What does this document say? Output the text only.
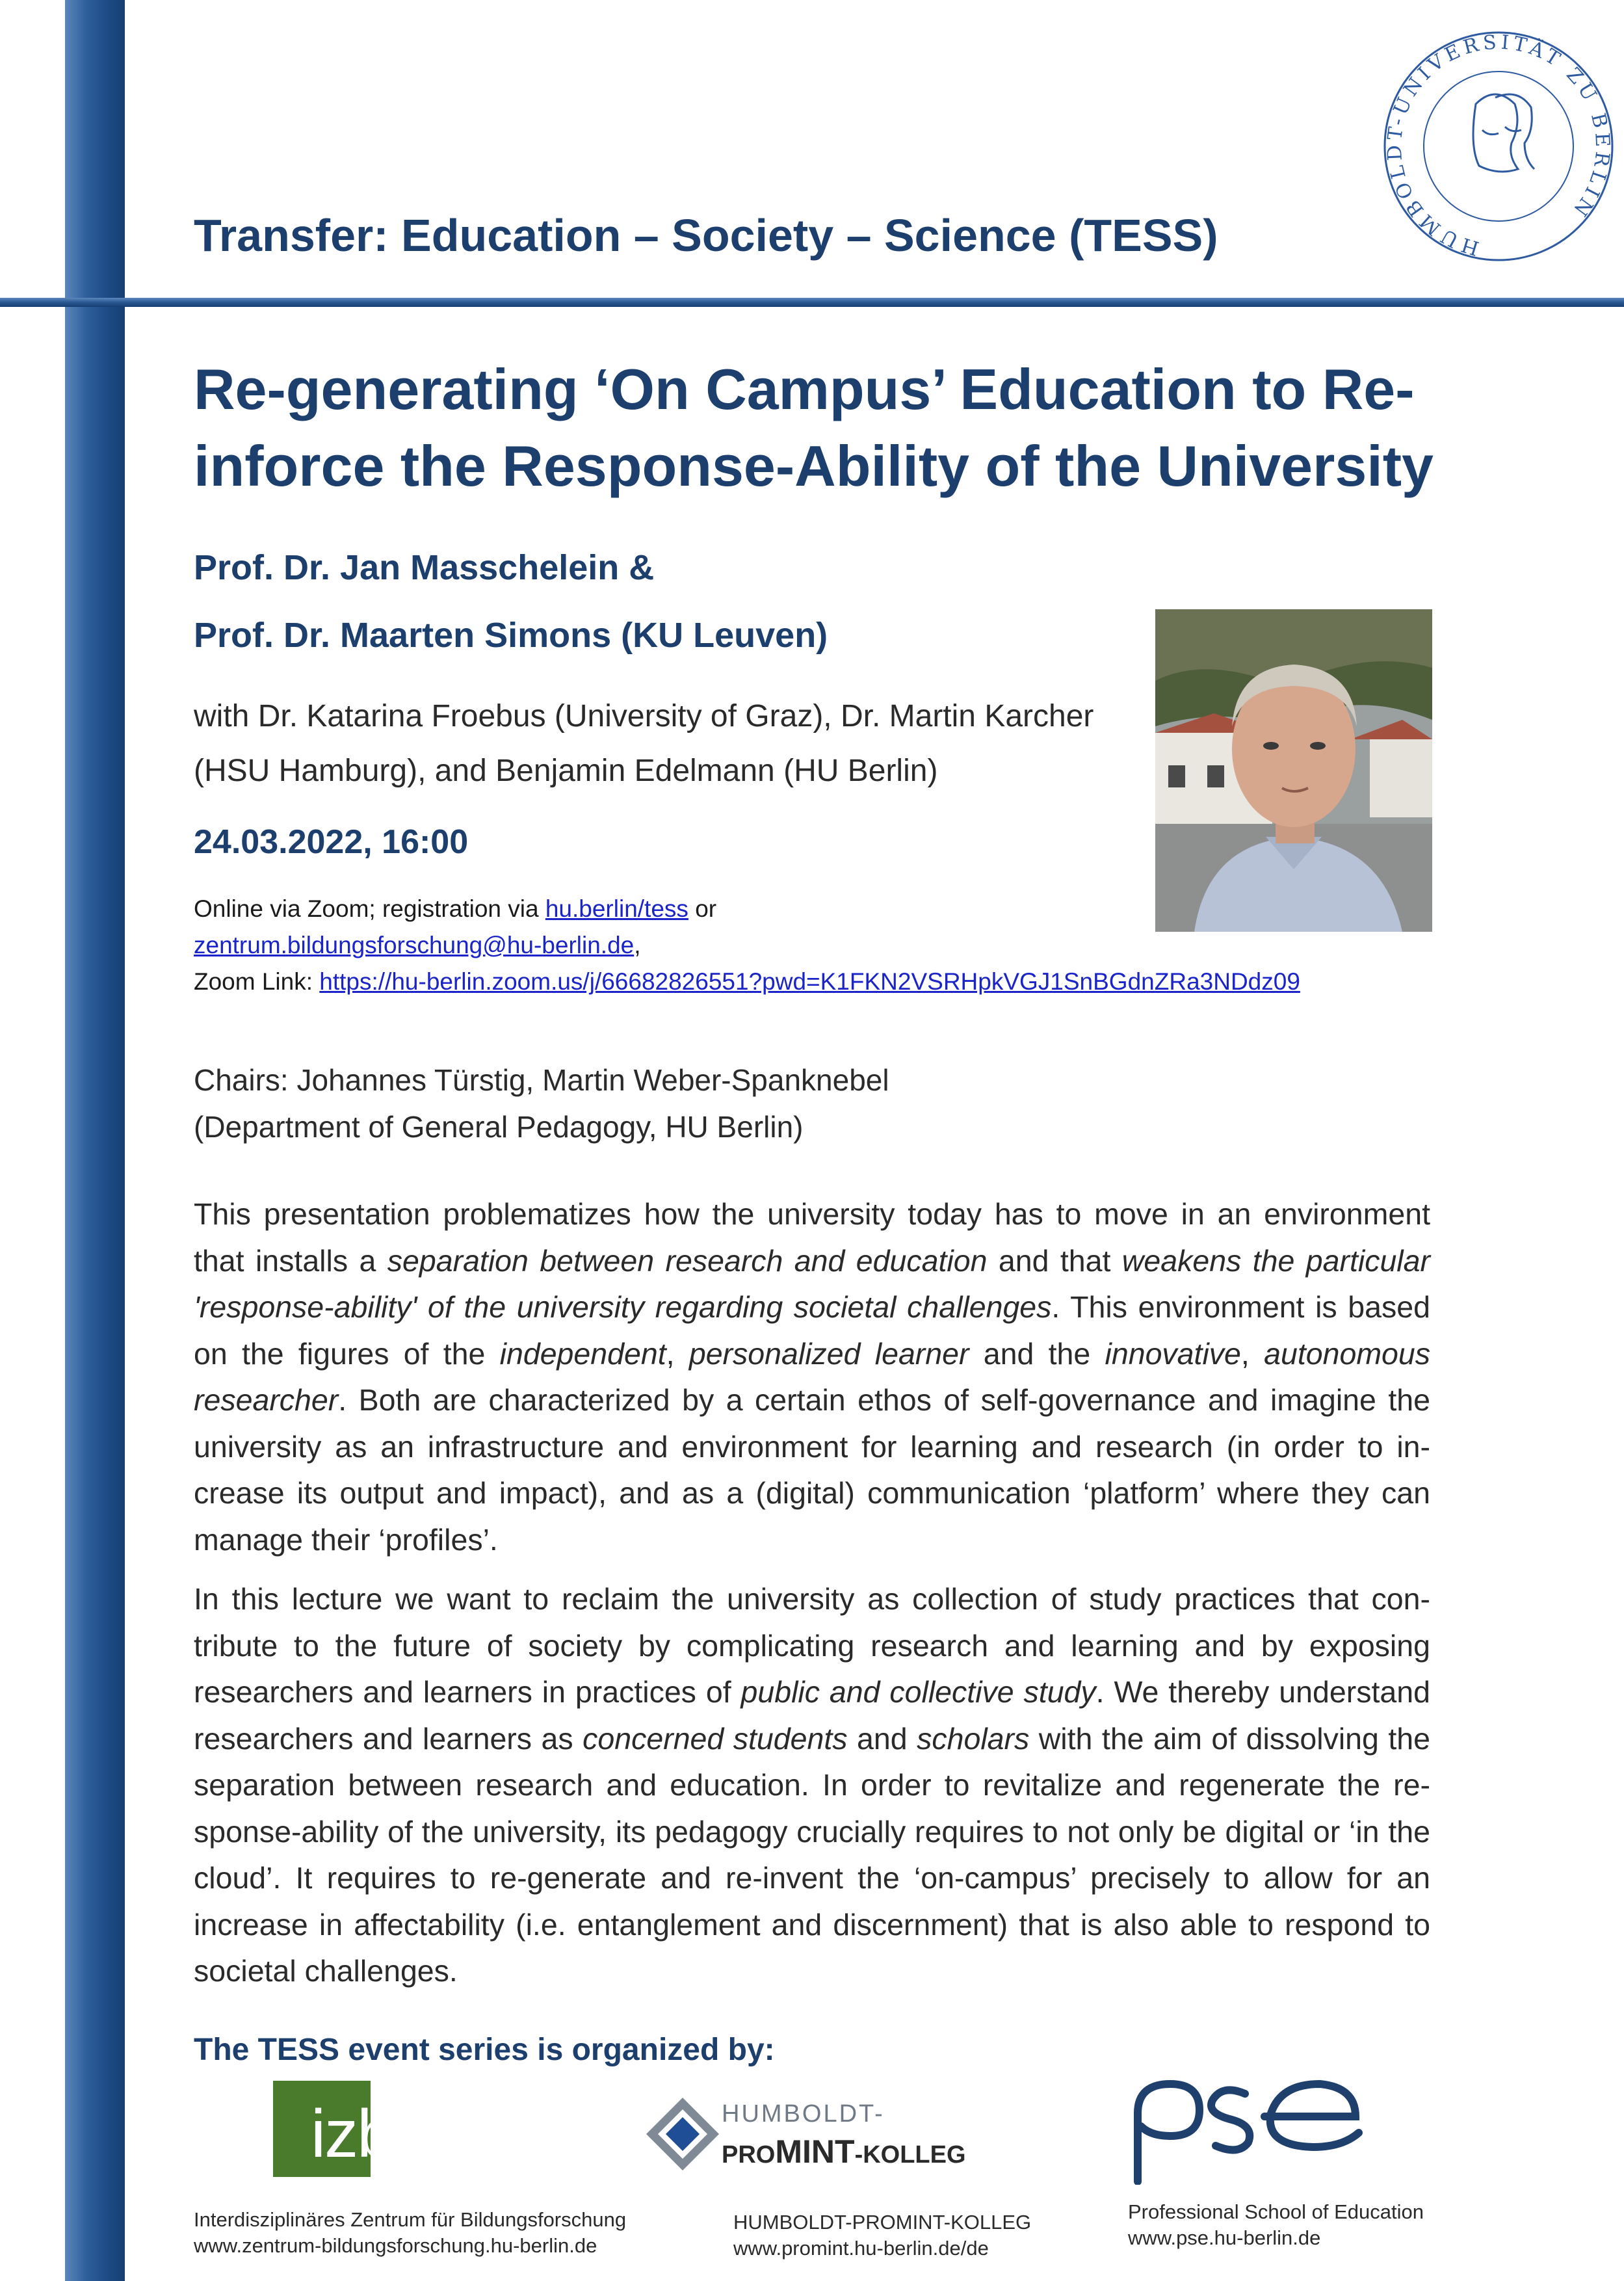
Transfer: Education – Society – Science (TESS)	HUMBOLDT-UNIVERSITÄT ZU BERLIN
Re-generating ‘On Campus’ Education to Re-inforce the Response-Ability of the University

Prof. Dr. Jan Masschelein &

Prof. Dr. Maarten Simons (KU Leuven)

with Dr. Katarina Froebus (University of Graz), Dr. Martin Karcher (HSU Hamburg), and Benjamin Edelmann (HU Berlin)

24.03.2022, 16:00

Online via Zoom; registration via hu.berlin/tess or
zentrum.bildungsforschung@hu-berlin.de,
Zoom Link: https://hu-berlin.zoom.us/j/66682826551?pwd=K1FKN2VSRHpkVGJ1SnBGdnZRa3NDdz09
Chairs: Johannes Türstig, Martin Weber-Spanknebel
(Department of General Pedagogy, HU Berlin)

This presentation problematizes how the university today has to move in an environment that installs a separation between research and education and that weakens the particular 'response-ability' of the university regarding societal challenges. This environment is based on the figures of the independent, personalized learner and the innovative, autonomous researcher. Both are characterized by a certain ethos of self-governance and imagine the university as an infrastructure and environment for learning and research (in order to in-crease its output and impact), and as a (digital) communication ‘platform’ where they can manage their ‘profiles’.

In this lecture we want to reclaim the university as collection of study practices that con-tribute to the future of society by complicating research and learning and by exposing researchers and learners in practices of public and collective study. We thereby understand researchers and learners as concerned students and scholars with the aim of dissolving the separation between research and education. In order to revitalize and regenerate the re-sponse-ability of the university, its pedagogy crucially requires to not only be digital or ‘in the cloud’. It requires to re-generate and re-invent the ‘on-campus’ precisely to allow for an increase in affectability (i.e. entanglement and discernment) that is also able to respond to societal challenges.

The TESS event series is organized by:
izbf
Interdisziplinäres Zentrum für Bildungsforschung
www.zentrum-bildungsforschung.hu-berlin.de
HUMBOLDT-
PROMINT-KOLLEG
HUMBOLDT-PROMINT-KOLLEG
www.promint.hu-berlin.de/de
Professional School of Education
www.pse.hu-berlin.de
